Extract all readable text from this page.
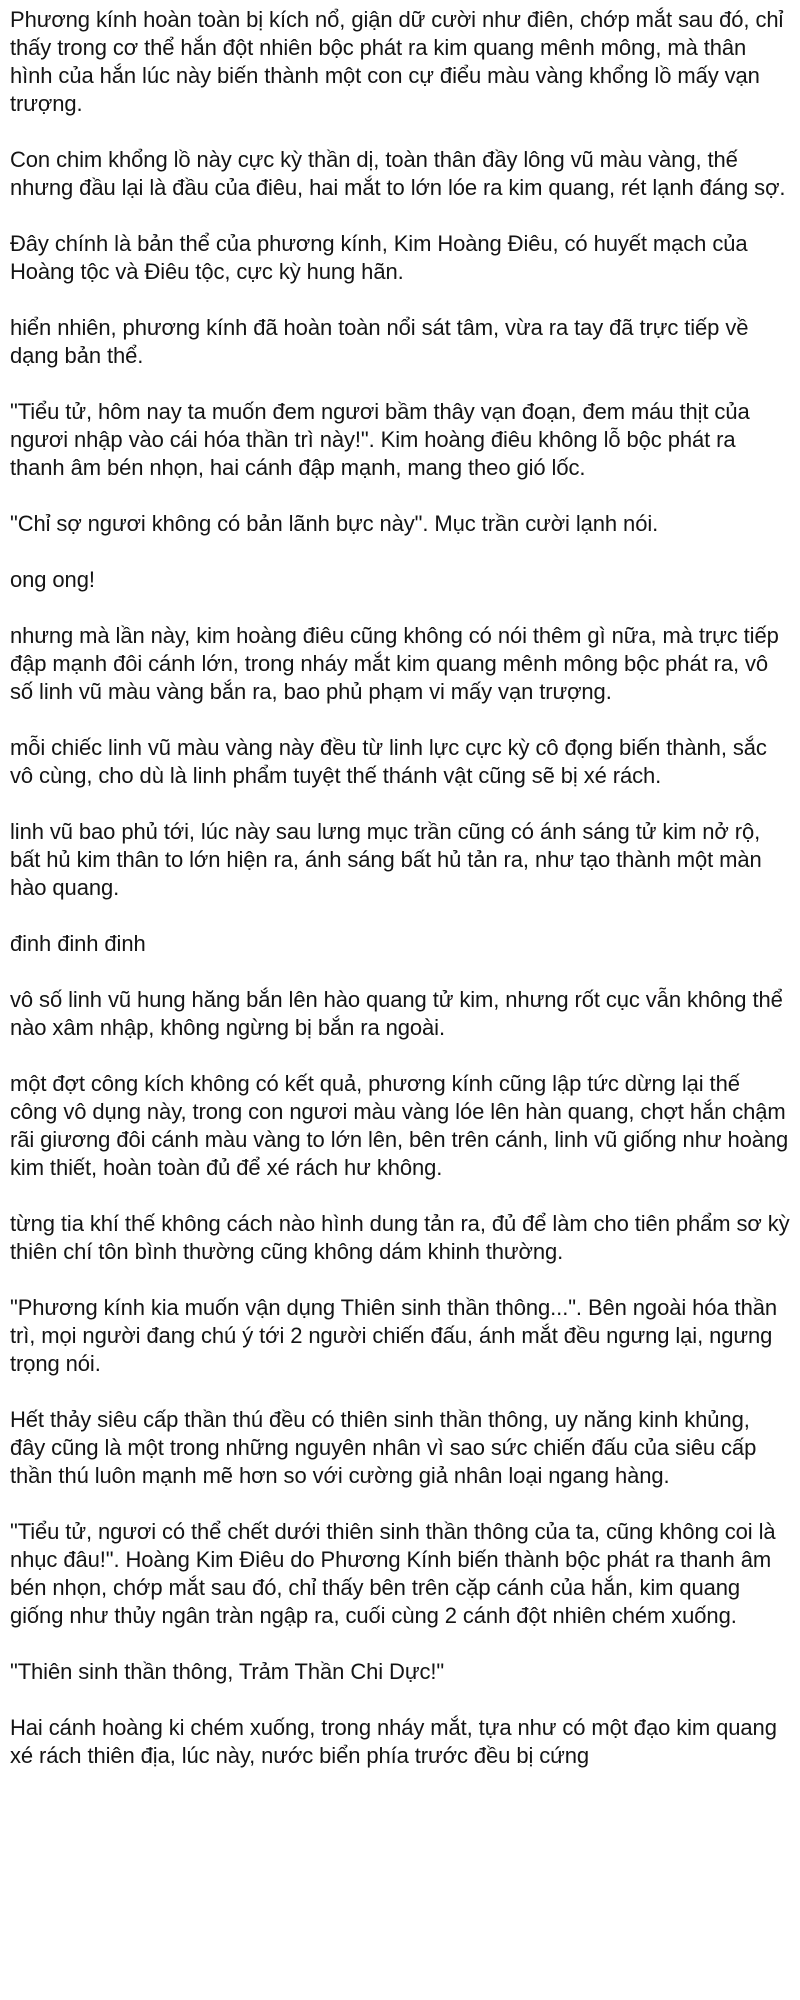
Phương kính hoàn toàn bị kích nổ, giận dữ cười như điên, chớp mắt sau đó, chỉ thấy trong cơ thể hắn đột nhiên bộc phát ra kim quang mênh mông, mà thân hình của hắn lúc này biến thành một con cự điểu màu vàng khổng lồ mấy vạn trượng.

Con chim khổng lồ này cực kỳ thần dị, toàn thân đầy lông vũ màu vàng, thế nhưng đầu lại là đầu của điêu, hai mắt to lớn lóe ra kim quang, rét lạnh đáng sợ.

Đây chính là bản thể của phương kính, Kim Hoàng Điêu, có huyết mạch của Hoàng tộc và Điêu tộc, cực kỳ hung hãn.

hiển nhiên, phương kính đã hoàn toàn nổi sát tâm, vừa ra tay đã trực tiếp về dạng bản thể.

"Tiểu tử, hôm nay ta muốn đem ngươi bầm thây vạn đoạn, đem máu thịt của ngươi nhập vào cái hóa thần trì này!". Kim hoàng điêu không lỗ bộc phát ra thanh âm bén nhọn, hai cánh đập mạnh, mang theo gió lốc.

"Chỉ sợ ngươi không có bản lãnh bực này". Mục trần cười lạnh nói.

ong ong!

nhưng mà lần này, kim hoàng điêu cũng không có nói thêm gì nữa, mà trực tiếp đập mạnh đôi cánh lớn, trong nháy mắt kim quang mênh mông bộc phát ra, vô số linh vũ màu vàng bắn ra, bao phủ phạm vi mấy vạn trượng.

mỗi chiếc linh vũ màu vàng này đều từ linh lực cực kỳ cô đọng biến thành, sắc vô cùng, cho dù là linh phẩm tuyệt thế thánh vật cũng sẽ bị xé rách.

linh vũ bao phủ tới, lúc này sau lưng mục trần cũng có ánh sáng tử kim nở rộ, bất hủ kim thân to lớn hiện ra, ánh sáng bất hủ tản ra, như tạo thành một màn hào quang.

đinh đinh đinh

vô số linh vũ hung hăng bắn lên hào quang tử kim, nhưng rốt cục vẫn không thể nào xâm nhập, không ngừng bị bắn ra ngoài.

một đợt công kích không có kết quả, phương kính cũng lập tức dừng lại thế công vô dụng này, trong con ngươi màu vàng lóe lên hàn quang, chợt hắn chậm rãi giương đôi cánh màu vàng to lớn lên, bên trên cánh, linh vũ giống như hoàng kim thiết, hoàn toàn đủ để xé rách hư không.

từng tia khí thế không cách nào hình dung tản ra, đủ để làm cho tiên phẩm sơ kỳ thiên chí tôn bình thường cũng không dám khinh thường.

"Phương kính kia muốn vận dụng Thiên sinh thần thông...". Bên ngoài hóa thần trì, mọi người đang chú ý tới 2 người chiến đấu, ánh mắt đều ngưng lại, ngưng trọng nói.

Hết thảy siêu cấp thần thú đều có thiên sinh thần thông, uy năng kinh khủng, đây cũng là một trong những nguyên nhân vì sao sức chiến đấu của siêu cấp thần thú luôn mạnh mẽ hơn so với cường giả nhân loại ngang hàng.

"Tiểu tử, ngươi có thể chết dưới thiên sinh thần thông của ta, cũng không coi là nhục đâu!". Hoàng Kim Điêu do Phương Kính biến thành bộc phát ra thanh âm bén nhọn, chớp mắt sau đó, chỉ thấy bên trên cặp cánh của hắn, kim quang giống như thủy ngân tràn ngập ra, cuối cùng 2 cánh đột nhiên chém xuống.

"Thiên sinh thần thông, Trảm Thần Chi Dực!"

Hai cánh hoàng ki chém xuống, trong nháy mắt, tựa như có một đạo kim quang xé rách thiên địa, lúc này, nước biển phía trước đều bị cứng
